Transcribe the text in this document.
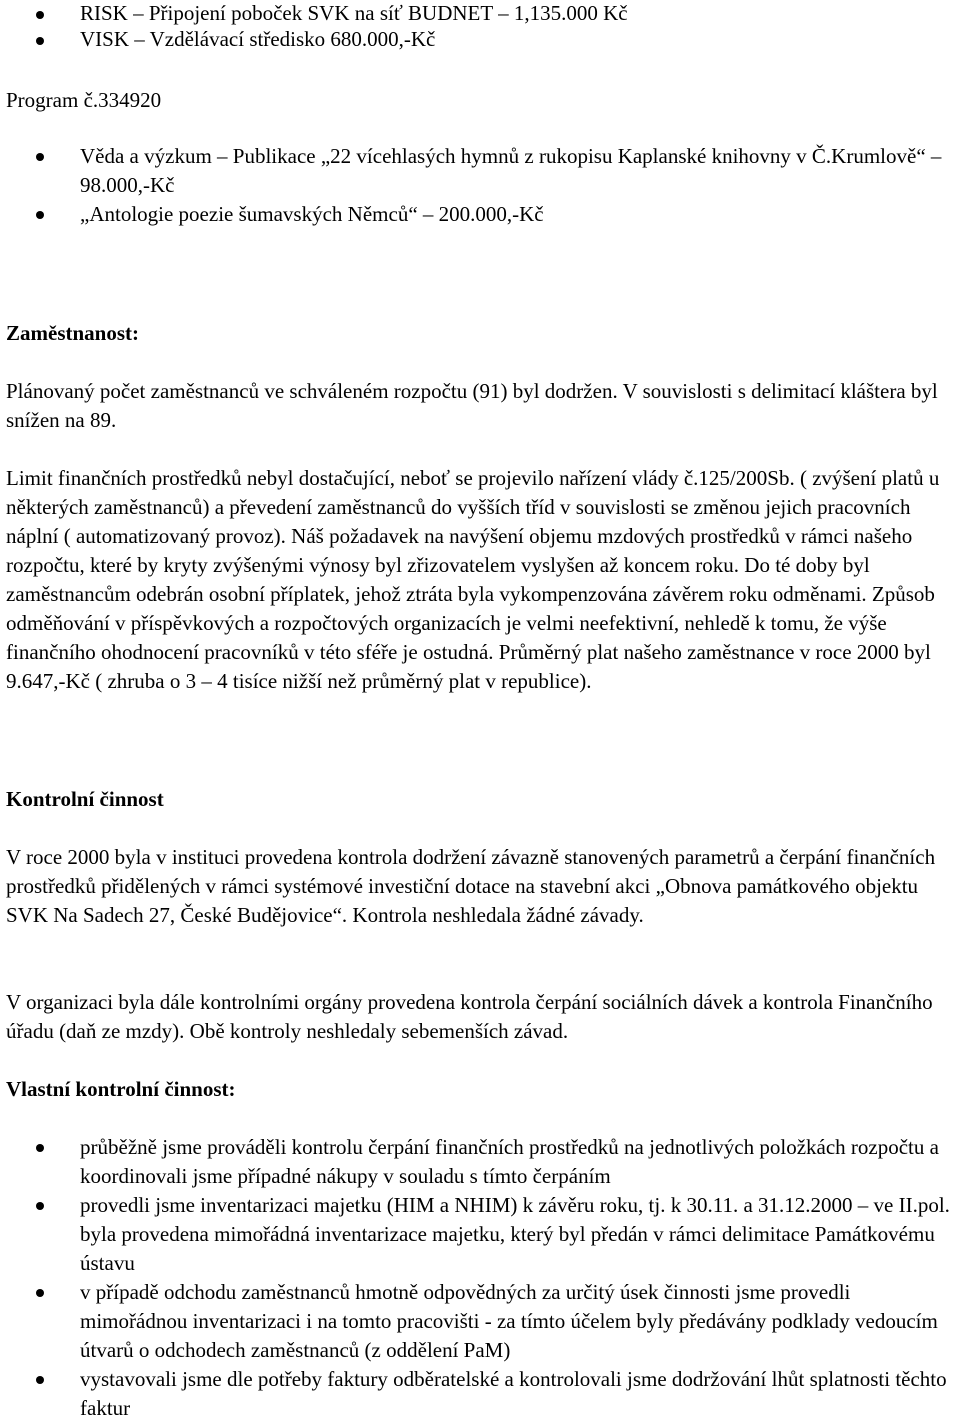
RISK – Připojení poboček SVK na síť BUDNET – 1,135.000 Kč
VISK – Vzdělávací středisko 680.000,-Kč
Program č.334920
Věda a výzkum – Publikace „22 vícehlasých hymnů z rukopisu Kaplanské knihovny v Č.Krumlově“ – 98.000,-Kč
„Antologie poezie šumavských Němců“ – 200.000,-Kč
Zaměstnanost:

Plánovaný počet zaměstnanců ve schváleném rozpočtu (91) byl dodržen. V souvislosti s delimitací kláštera byl snížen na 89.

Limit finančních prostředků nebyl dostačující, neboť se projevilo nařízení vlády č.125/200Sb. ( zvýšení platů u některých zaměstnanců) a převedení zaměstnanců do vyšších tříd v souvislosti se změnou jejich pracovních náplní ( automatizovaný provoz). Náš požadavek na navýšení objemu mzdových prostředků v rámci našeho rozpočtu, které by kryty zvýšenými výnosy byl zřizovatelem vyslyšen až koncem roku. Do té doby byl zaměstnancům odebrán osobní příplatek, jehož ztráta byla vykompenzována závěrem roku odměnami. Způsob odměňování v příspěvkových a rozpočtových organizacích je velmi neefektivní, nehledě k tomu, že výše finančního ohodnocení pracovníků v této sféře je ostudná. Průměrný plat našeho zaměstnance v roce 2000 byl 9.647,-Kč ( zhruba o 3 – 4 tisíce nižší než průměrný plat v republice).

Kontrolní činnost

V roce 2000 byla v instituci provedena kontrola dodržení závazně stanovených parametrů a čerpání finančních prostředků přidělených v rámci systémové investiční dotace na stavební akci „Obnova památkového objektu SVK Na Sadech 27, České Budějovice“. Kontrola neshledala žádné závady.

V organizaci byla dále kontrolními orgány provedena kontrola čerpání sociálních dávek a kontrola Finančního úřadu (daň ze mzdy). Obě kontroly neshledaly sebemenších závad.

Vlastní kontrolní činnost:
průběžně jsme prováděli kontrolu čerpání finančních prostředků na jednotlivých položkách rozpočtu a koordinovali jsme případné nákupy v souladu s tímto čerpáním
provedli jsme inventarizaci majetku (HIM a NHIM) k závěru roku, tj. k 30.11. a 31.12.2000 – ve II.pol. byla provedena mimořádná inventarizace majetku, který byl předán v rámci delimitace Památkovému ústavu
v případě odchodu zaměstnanců hmotně odpovědných za určitý úsek činnosti jsme provedli mimořádnou inventarizaci i na tomto pracovišti - za tímto účelem byly předávány podklady vedoucím útvarů o odchodech zaměstnanců (z oddělení PaM)
vystavovali jsme dle potřeby faktury odběratelské a kontrolovali jsme dodržování lhůt splatnosti těchto faktur
